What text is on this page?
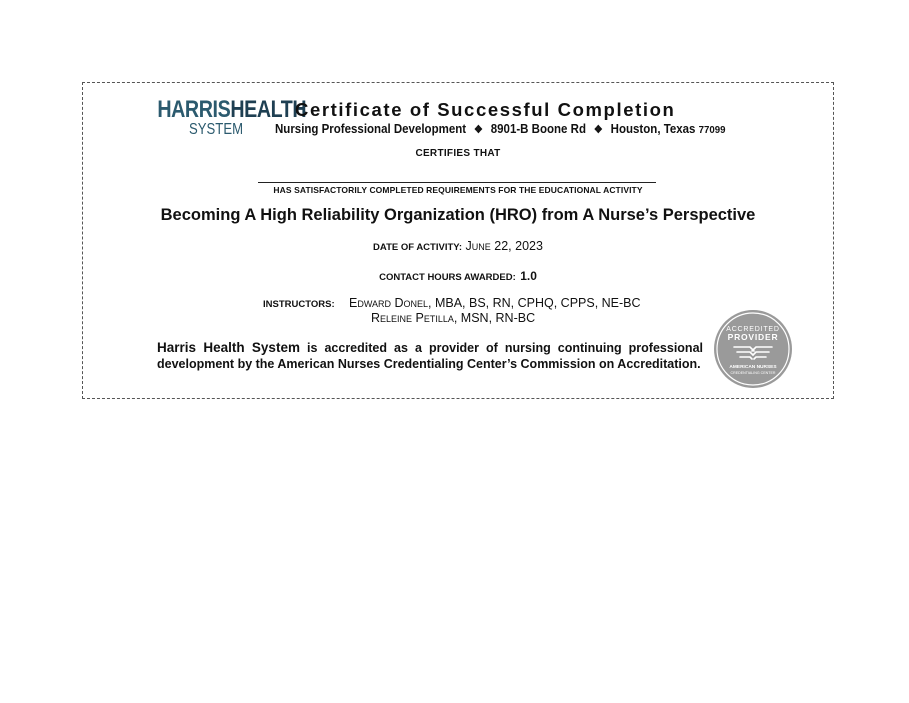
HARRISHEALTH
SYSTEM
Certificate of Successful Completion
Nursing Professional Development ❖ 8901-B Boone Rd ❖ Houston, Texas 77099
CERTIFIES THAT
HAS SATISFACTORILY COMPLETED REQUIREMENTS FOR THE EDUCATIONAL ACTIVITY
Becoming A High Reliability Organization (HRO) from A Nurse’s Perspective
DATE OF ACTIVITY: June 22, 2023
CONTACT HOURS AWARDED: 1.0
INSTRUCTORS: Edward Donel, MBA, BS, RN, CPHQ, CPPS, NE-BC
Releine Petilla, MSN, RN-BC
Harris Health System is accredited as a provider of nursing continuing professional development by the American Nurses Credentialing Center’s Commission on Accreditation.
ACCREDITED
PROVIDER
AMERICAN NURSES
CREDENTIALING CENTER
